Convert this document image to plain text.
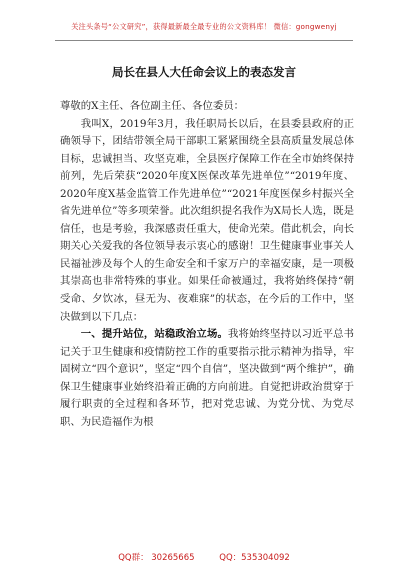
关注头条号“公文研究”，获得最新最全最专业的公文资料库！ 微信：gongwenyj
局长在县人大任命会议上的表态发言

尊敬的X主任、各位副主任、各位委员：

我叫X，2019年3月，我任职局长以后，在县委县政府的正确领导下，团结带领全局干部职工紧紧围绕全县高质量发展总体目标，忠诚担当、攻坚克难，全县医疗保障工作在全市始终保持前列，先后荣获“2020年度X医保改革先进单位”“2019年度、2020年度X基金监管工作先进单位”“2021年度医保乡村振兴全省先进单位”等多项荣誉。此次组织提名我作为X局长人选，既是信任，也是考验，我深感责任重大，使命光荣。借此机会，向长期关心关爱我的各位领导表示衷心的感谢！卫生健康事业事关人民福祉涉及每个人的生命安全和千家万户的幸福安康，是一项极其崇高也非常特殊的事业。如果任命被通过，我将始终保持“朝受命、夕饮冰，昼无为、夜难寐”的状态，在今后的工作中，坚决做到以下几点：

一、提升站位，站稳政治立场。我将始终坚持以习近平总书记关于卫生健康和疫情防控工作的重要指示批示精神为指导，牢固树立“四个意识”，坚定“四个自信”，坚决做到“两个维护”，确保卫生健康事业始终沿着正确的方向前进。自觉把讲政治贯穿于履行职责的全过程和各环节，把对党忠诚、为党分忧、为党尽职、为民造福作为根

QQ群： 30265665	QQ：535304092
